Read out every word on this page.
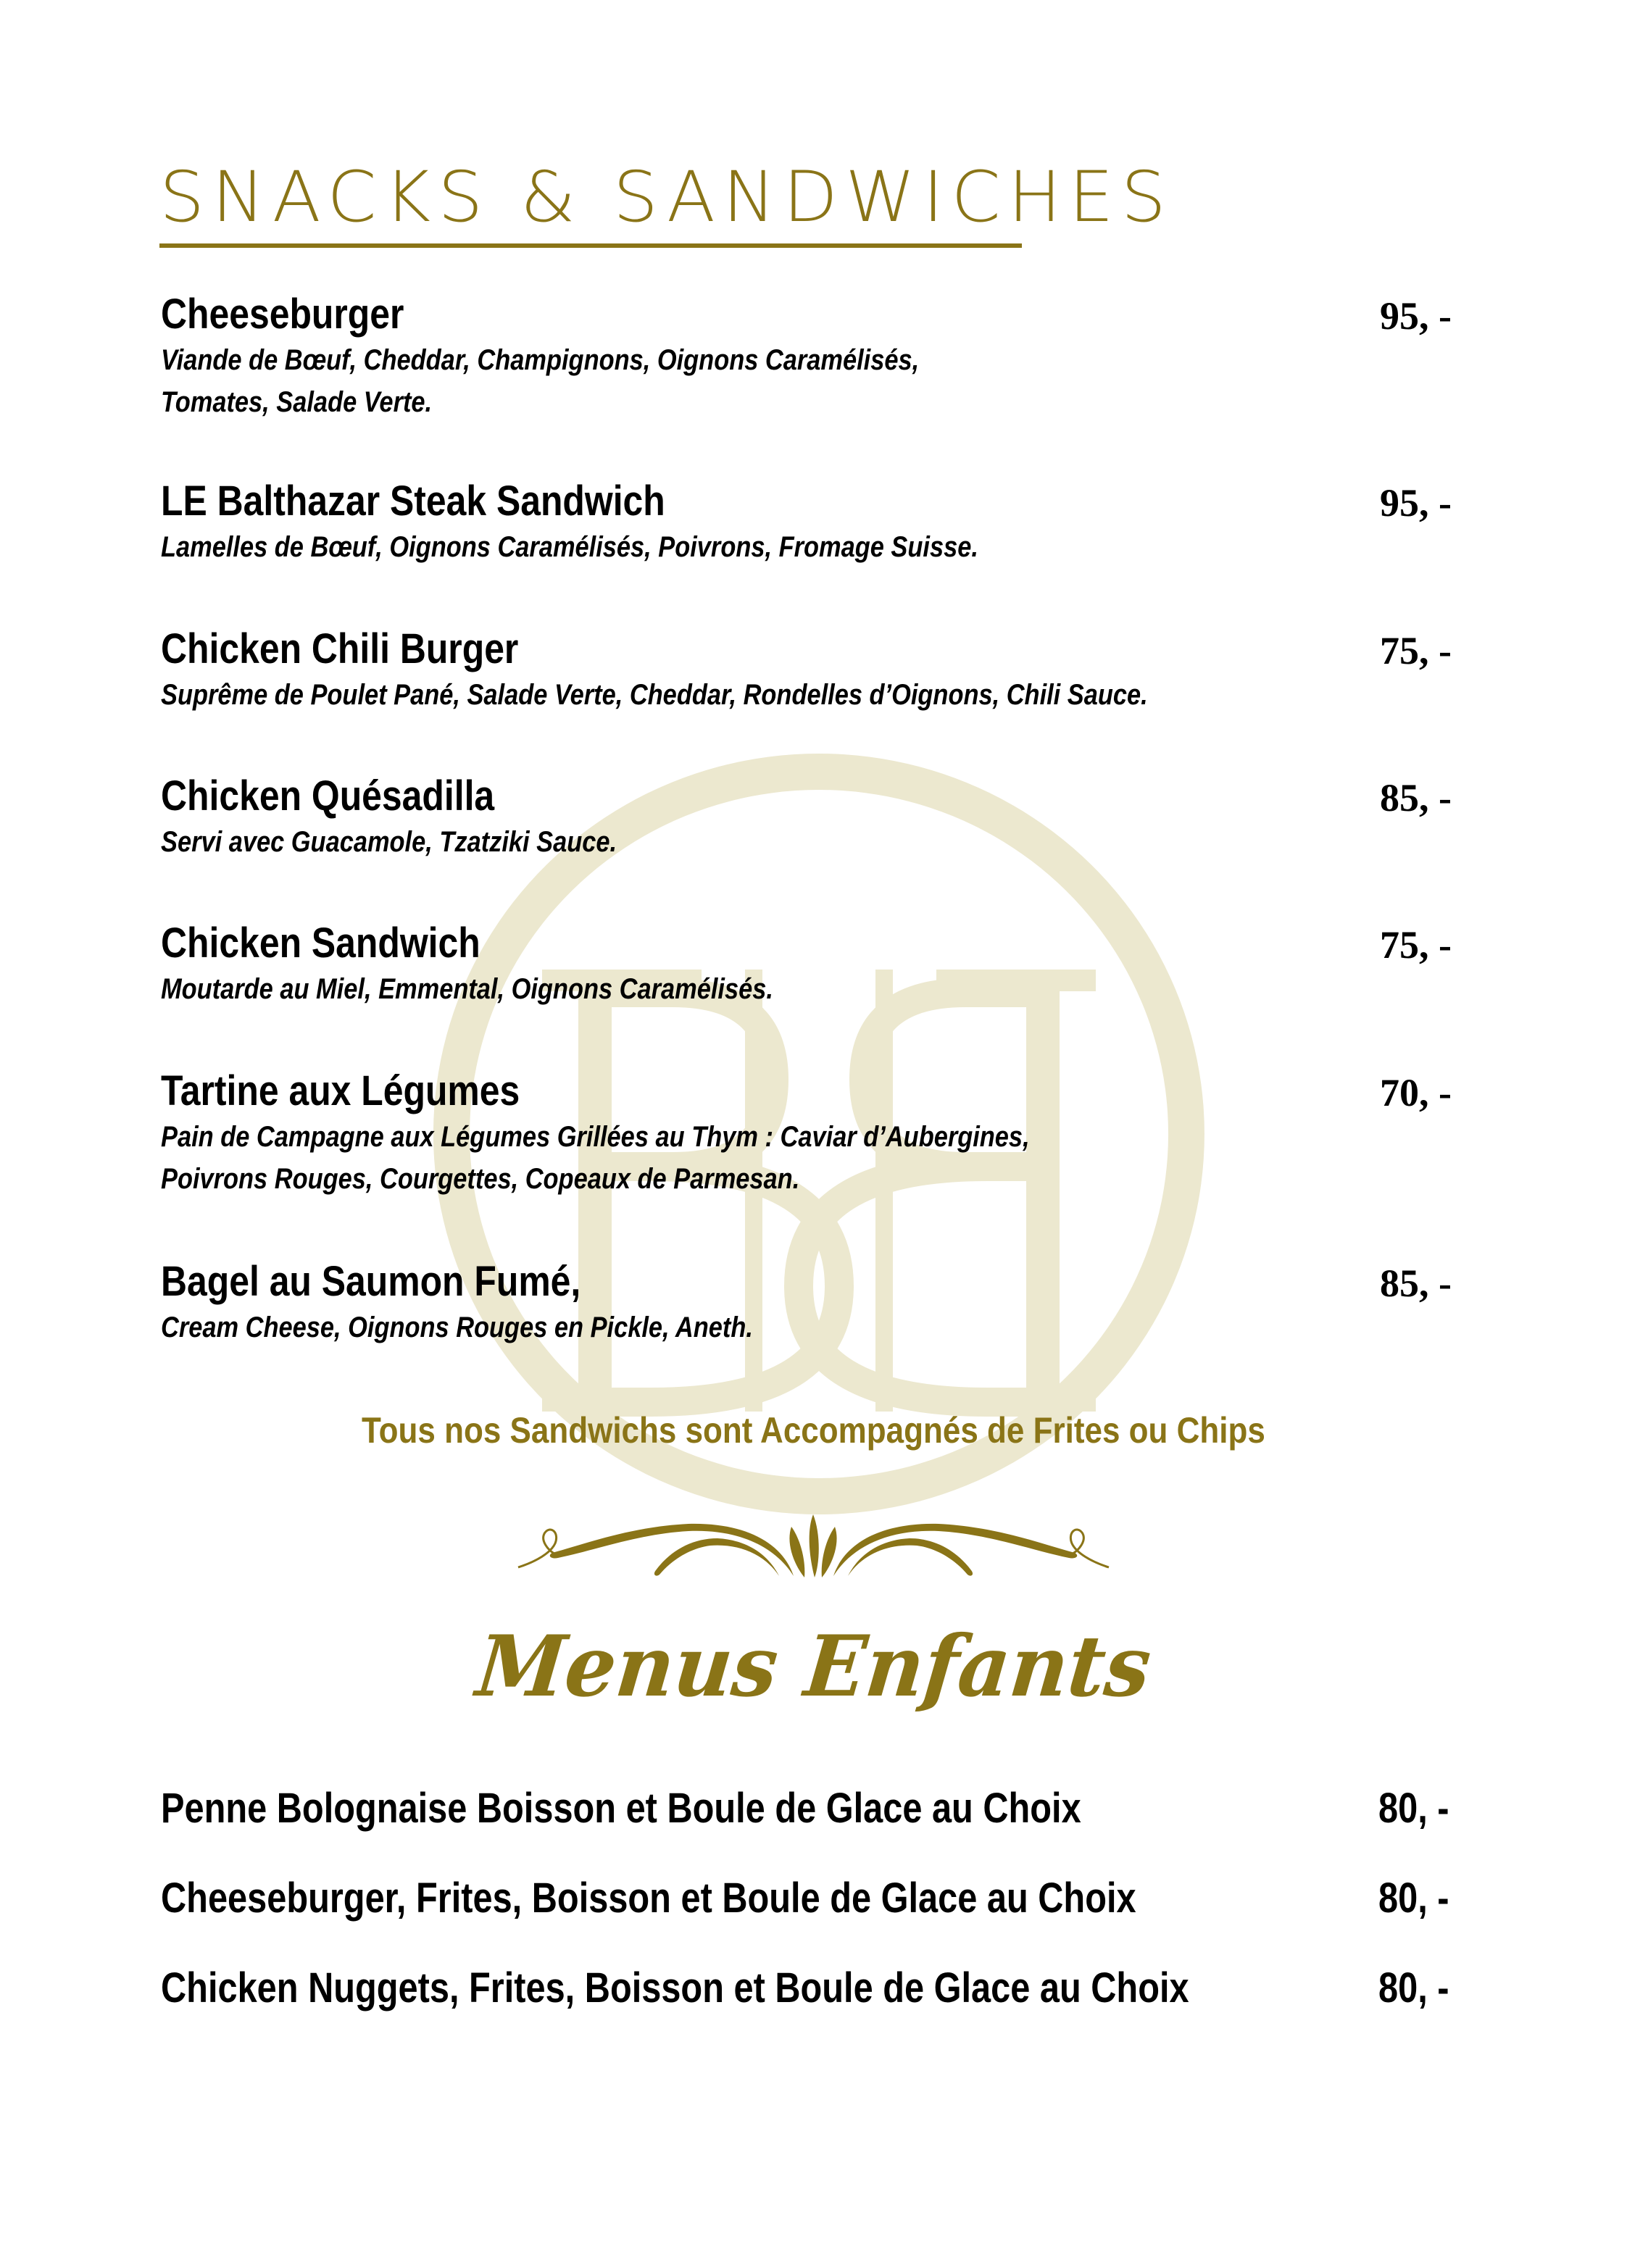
SNACKS & SANDWICHES
Cheeseburger
Viande de Bœuf, Cheddar, Champignons, Oignons Caramélisés,
Tomates, Salade Verte.
95, -
LE Balthazar Steak Sandwich
Lamelles de Bœuf, Oignons Caramélisés, Poivrons, Fromage Suisse.
95, -
Chicken Chili Burger
Suprême de Poulet Pané, Salade Verte, Cheddar, Rondelles d’Oignons, Chili Sauce.
75, -
Chicken Quésadilla
Servi avec Guacamole, Tzatziki Sauce.
85, -
Chicken Sandwich
Moutarde au Miel, Emmental, Oignons Caramélisés.
75, -
Tartine aux Légumes
Pain de Campagne aux Légumes Grillées au Thym : Caviar d’Aubergines,
Poivrons Rouges, Courgettes, Copeaux de Parmesan.
70, -
Bagel au Saumon Fumé,
Cream Cheese, Oignons Rouges en Pickle, Aneth.
85, -
Tous nos Sandwichs sont Accompagnés de Frites ou Chips
Menus Enfants
Penne Bolognaise Boisson et Boule de Glace au Choix	80, -
Cheeseburger, Frites, Boisson et Boule de Glace au Choix	80, -
Chicken Nuggets, Frites, Boisson et Boule de Glace au Choix	80, -
